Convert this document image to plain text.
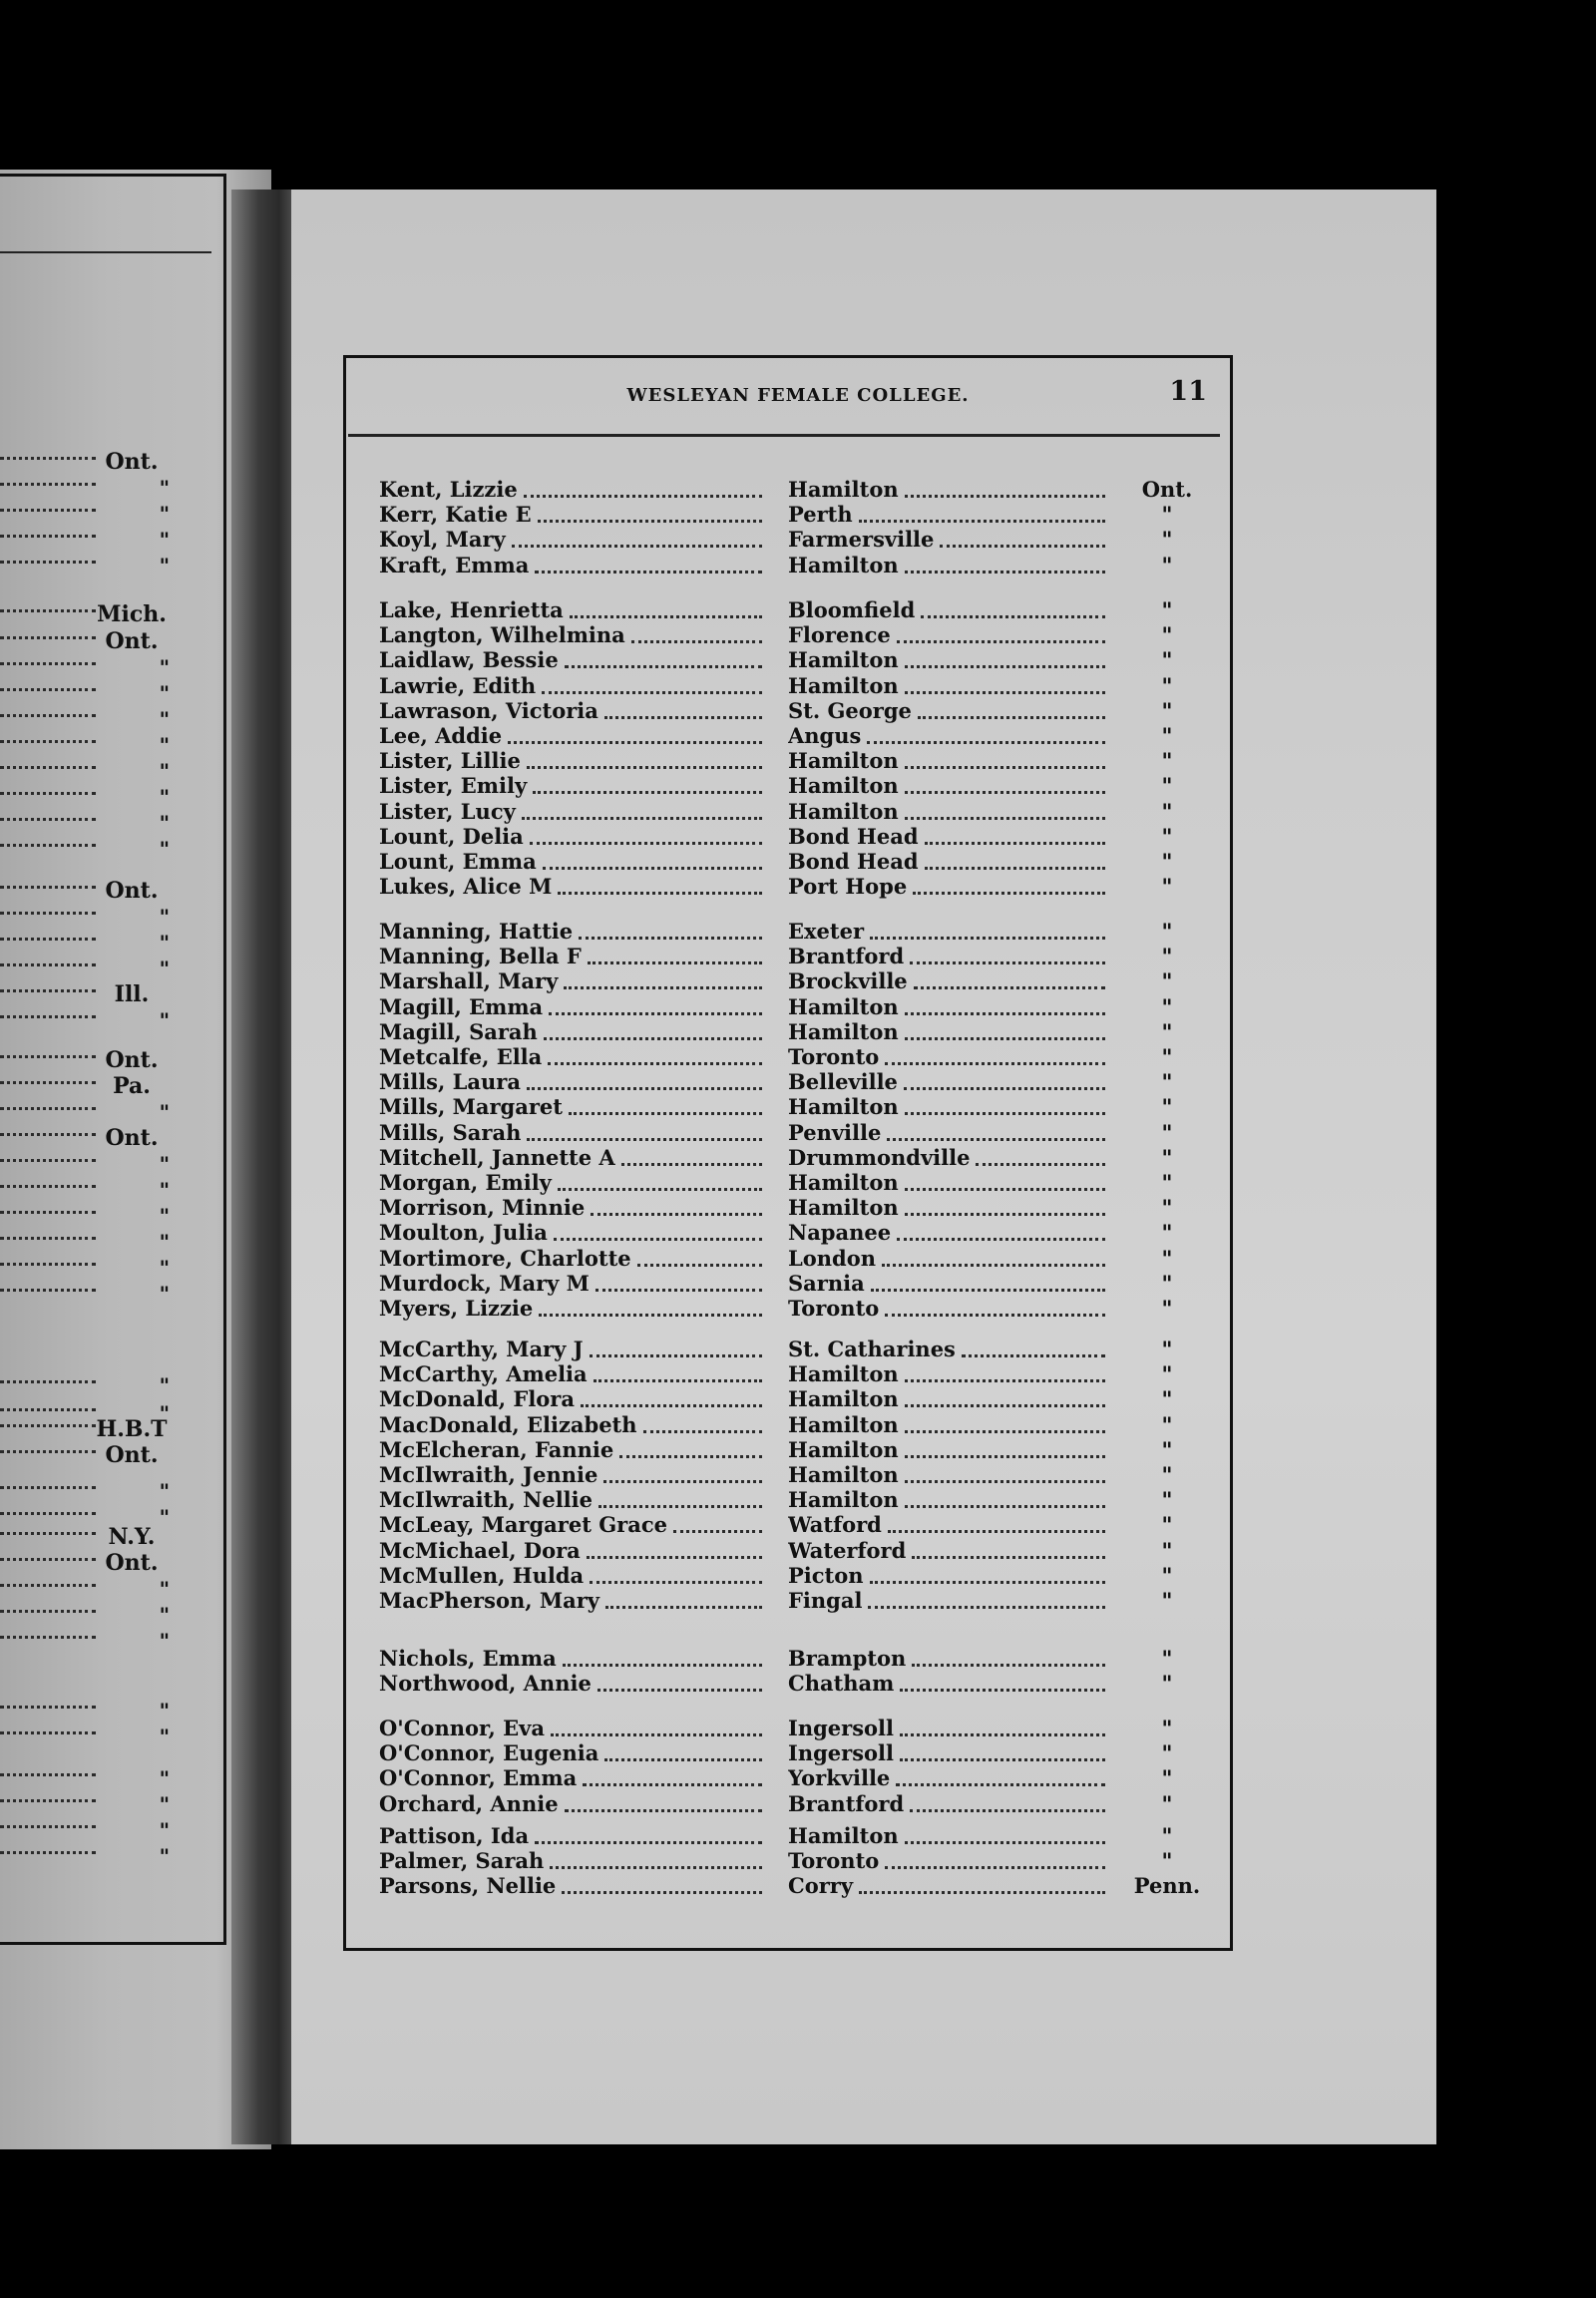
Ont.
"
"
"
"
Mich.
Ont.
"
"
"
"
"
"
"
"
Ont.
"
"
"
Ill.
"
Ont.
Pa.
"
Ont.
"
"
"
"
"
"
"
"
H.B.T
Ont.
"
"
N.Y.
Ont.
"
"
"
"
"
"
"
"
"
WESLEYAN FEMALE COLLEGE.	11
Kent, Lizzie	Hamilton	Ont.
Kerr, Katie E	Perth	"
Koyl, Mary	Farmersville	"
Kraft, Emma	Hamilton	"
Lake, Henrietta	Bloomfield	"
Langton, Wilhelmina	Florence	"
Laidlaw, Bessie	Hamilton	"
Lawrie, Edith	Hamilton	"
Lawrason, Victoria	St. George	"
Lee, Addie	Angus	"
Lister, Lillie	Hamilton	"
Lister, Emily	Hamilton	"
Lister, Lucy	Hamilton	"
Lount, Delia	Bond Head	"
Lount, Emma	Bond Head	"
Lukes, Alice M	Port Hope	"
Manning, Hattie	Exeter	"
Manning, Bella F	Brantford	"
Marshall, Mary	Brockville	"
Magill, Emma	Hamilton	"
Magill, Sarah	Hamilton	"
Metcalfe, Ella	Toronto	"
Mills, Laura	Belleville	"
Mills, Margaret	Hamilton	"
Mills, Sarah	Penville	"
Mitchell, Jannette A	Drummondville	"
Morgan, Emily	Hamilton	"
Morrison, Minnie	Hamilton	"
Moulton, Julia	Napanee	"
Mortimore, Charlotte	London	"
Murdock, Mary M	Sarnia	"
Myers, Lizzie	Toronto	"
McCarthy, Mary J	St. Catharines	"
McCarthy, Amelia	Hamilton	"
McDonald, Flora	Hamilton	"
MacDonald, Elizabeth	Hamilton	"
McElcheran, Fannie	Hamilton	"
McIlwraith, Jennie	Hamilton	"
McIlwraith, Nellie	Hamilton	"
McLeay, Margaret Grace	Watford	"
McMichael, Dora	Waterford	"
McMullen, Hulda	Picton	"
MacPherson, Mary	Fingal	"
Nichols, Emma	Brampton	"
Northwood, Annie	Chatham	"
O'Connor, Eva	Ingersoll	"
O'Connor, Eugenia	Ingersoll	"
O'Connor, Emma	Yorkville	"
Orchard, Annie	Brantford	"
Pattison, Ida	Hamilton	"
Palmer, Sarah	Toronto	"
Parsons, Nellie	Corry	Penn.
